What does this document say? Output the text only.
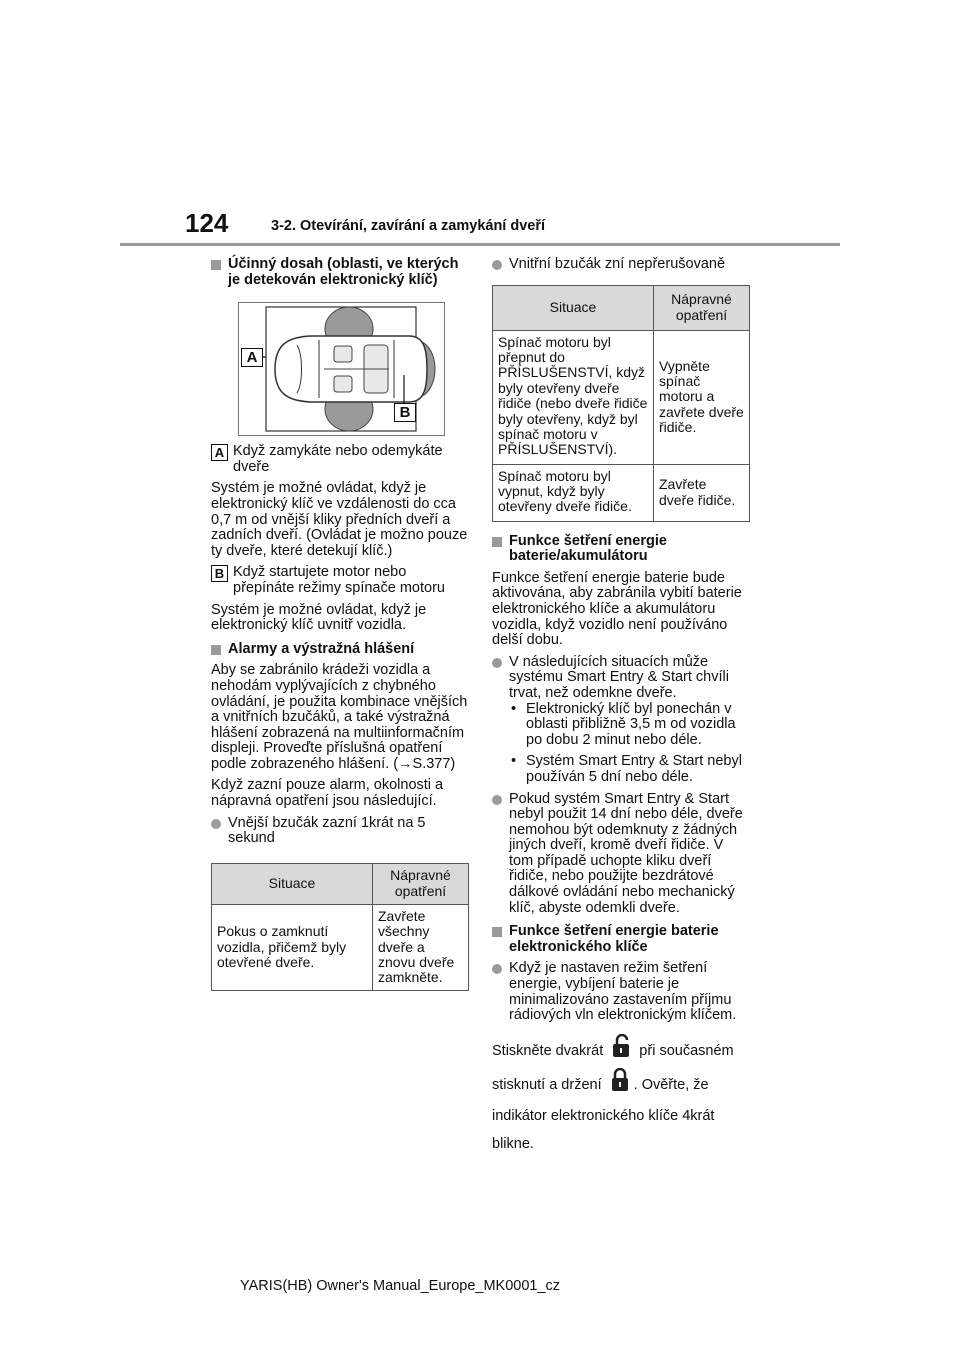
124	3-2. Otevírání, zavírání a zamykání dveří

Účinný dosah (oblasti, ve kterých je detekován elektronický klíč)

A
B

A Když zamykáte nebo odemykáte dveře

Systém je možné ovládat, když je elektronický klíč ve vzdálenosti do cca 0,7 m od vnější kliky předních dveří a zadních dveří. (Ovládat je možno pouze ty dveře, které detekují klíč.)

B Když startujete motor nebo přepínáte režimy spínače motoru

Systém je možné ovládat, když je elektronický klíč uvnitř vozidla.

Alarmy a výstražná hlášení

Aby se zabránilo krádeži vozidla a nehodám vyplývajících z chybného ovládání, je použita kombinace vnějších a vnitřních bzučáků, a také výstražná hlášení zobrazená na multiinformačním displeji. Proveďte příslušná opatření podle zobrazeného hlášení. (→S.377)

Když zazní pouze alarm, okolnosti a nápravná opatření jsou následující.

Vnější bzučák zazní 1krát na 5 sekund

Situace	Nápravné opatření
Pokus o zamknutí vozidla, přičemž byly otevřené dveře.	Zavřete všechny dveře a znovu dveře zamkněte.

Vnitřní bzučák zní nepřerušovaně

Situace	Nápravné opatření
Spínač motoru byl přepnut do PŘÍSLUŠENSTVÍ, když byly otevřeny dveře řidiče (nebo dveře řidiče byly otevřeny, když byl spínač motoru v PŘÍSLUŠENSTVÍ).	Vypněte spínač motoru a zavřete dveře řidiče.
Spínač motoru byl vypnut, když byly otevřeny dveře řidiče.	Zavřete dveře řidiče.

Funkce šetření energie baterie/akumulátoru

Funkce šetření energie baterie bude aktivována, aby zabránila vybití baterie elektronického klíče a akumulátoru vozidla, když vozidlo není používáno delší dobu.

V následujících situacích může systému Smart Entry & Start chvíli trvat, než odemkne dveře.

• Elektronický klíč byl ponechán v oblasti přibližně 3,5 m od vozidla po dobu 2 minut nebo déle.

• Systém Smart Entry & Start nebyl používán 5 dní nebo déle.

Pokud systém Smart Entry & Start nebyl použit 14 dní nebo déle, dveře nemohou být odemknuty z žádných jiných dveří, kromě dveří řidiče. V tom případě uchopte kliku dveří řidiče, nebo použijte bezdrátové dálkové ovládání nebo mechanický klíč, abyste odemkli dveře.

Funkce šetření energie baterie elektronického klíče

Když je nastaven režim šetření energie, vybíjení baterie je minimalizováno zastavením příjmu rádiových vln elektronickým klíčem.

Stiskněte dvakrát při současném

stisknutí a držení . Ověřte, že indikátor elektronického klíče 4krát blikne.

YARIS(HB) Owner's Manual_Europe_MK0001_cz
